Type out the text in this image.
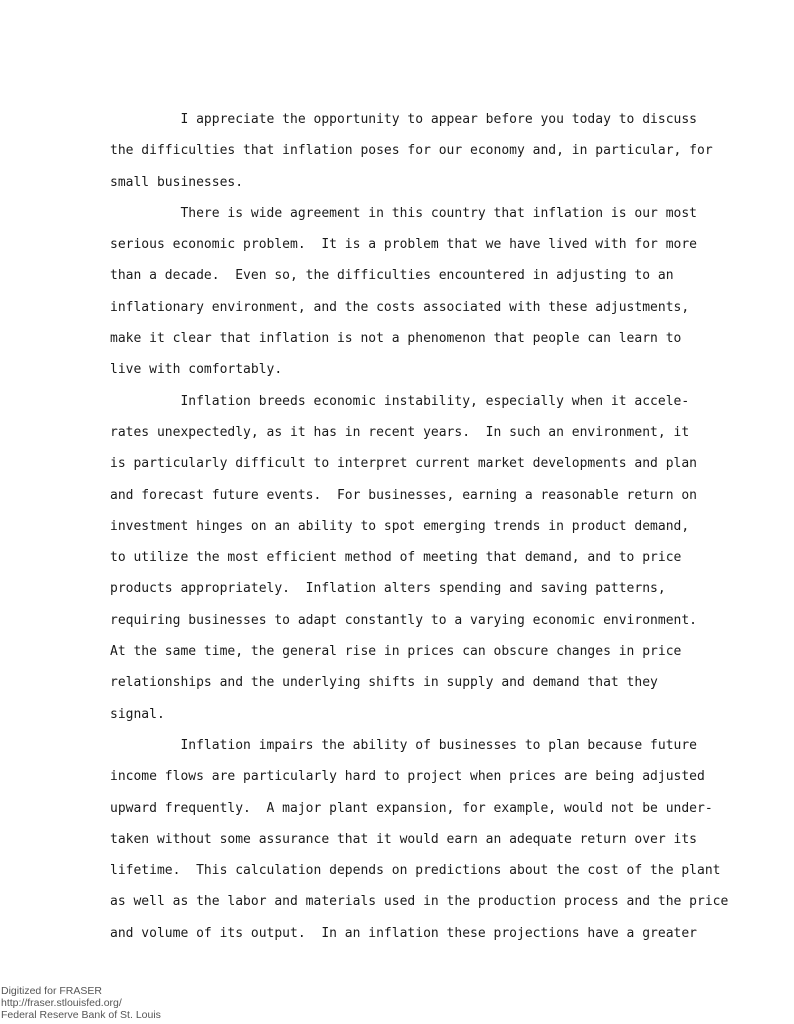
I appreciate the opportunity to appear before you today to discuss
the difficulties that inflation poses for our economy and, in particular, for
small businesses.
There is wide agreement in this country that inflation is our most
serious economic problem.  It is a problem that we have lived with for more
than a decade.  Even so, the difficulties encountered in adjusting to an
inflationary environment, and the costs associated with these adjustments,
make it clear that inflation is not a phenomenon that people can learn to
live with comfortably.
Inflation breeds economic instability, especially when it accele-
rates unexpectedly, as it has in recent years.  In such an environment, it
is particularly difficult to interpret current market developments and plan
and forecast future events.  For businesses, earning a reasonable return on
investment hinges on an ability to spot emerging trends in product demand,
to utilize the most efficient method of meeting that demand, and to price
products appropriately.  Inflation alters spending and saving patterns,
requiring businesses to adapt constantly to a varying economic environment.
At the same time, the general rise in prices can obscure changes in price
relationships and the underlying shifts in supply and demand that they
signal.
Inflation impairs the ability of businesses to plan because future
income flows are particularly hard to project when prices are being adjusted
upward frequently.  A major plant expansion, for example, would not be under-
taken without some assurance that it would earn an adequate return over its
lifetime.  This calculation depends on predictions about the cost of the plant
as well as the labor and materials used in the production process and the price
and volume of its output.  In an inflation these projections have a greater
Digitized for FRASER
http://fraser.stlouisfed.org/
Federal Reserve Bank of St. Louis
